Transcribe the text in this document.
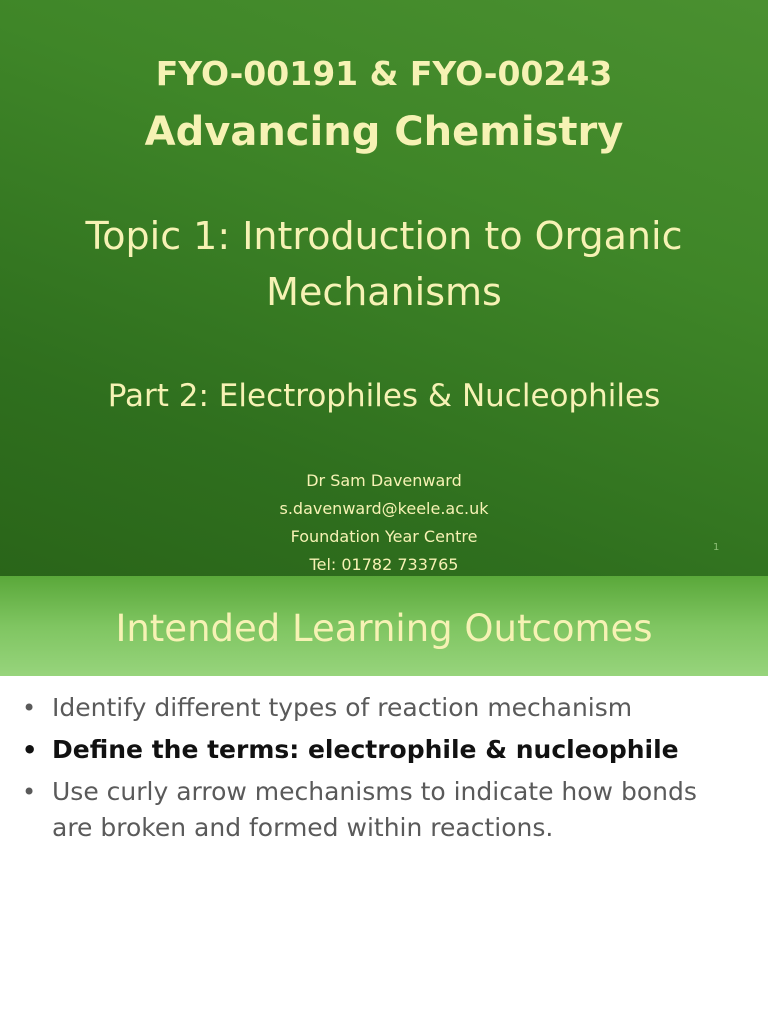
FYO-00191 & FYO-00243
Advancing Chemistry
Topic 1: Introduction to Organic
Mechanisms
Part 2: Electrophiles & Nucleophiles
Dr Sam Davenward
s.davenward@keele.ac.uk
Foundation Year Centre
Tel: 01782 733765
1
Intended Learning Outcomes
• Identify different types of reaction mechanism
• Define the terms: electrophile & nucleophile
• Use curly arrow mechanisms to indicate how bonds are broken and formed within reactions.
